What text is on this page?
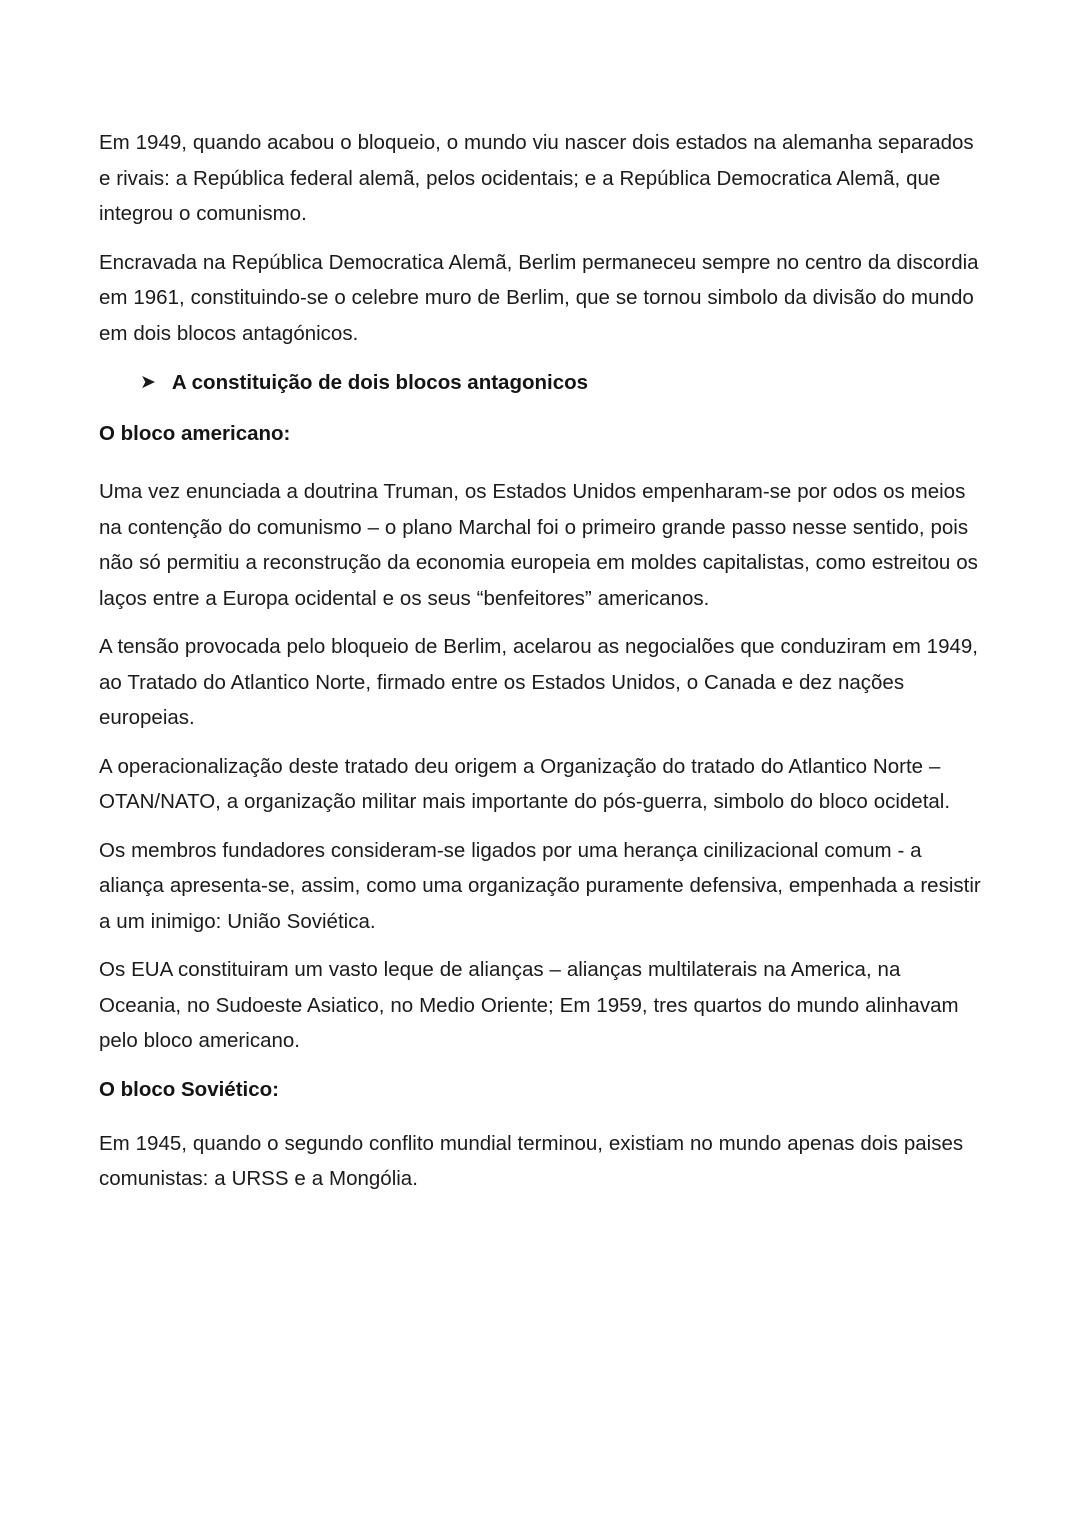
Em 1949, quando acabou o bloqueio, o mundo viu nascer dois estados na alemanha separados e rivais: a República federal alemã, pelos ocidentais; e a República Democratica Alemã, que integrou o comunismo.

Encravada na República Democratica Alemã, Berlim permaneceu sempre no centro da discordia em 1961, constituindo-se o celebre muro de Berlim, que se tornou simbolo da divisão do mundo em dois blocos antagónicos.

➤ A constituição de dois blocos antagonicos

O bloco americano:

Uma vez enunciada a doutrina Truman, os Estados Unidos empenharam-se por odos os meios na contenção do comunismo – o plano Marchal foi o primeiro grande passo nesse sentido, pois não só permitiu a reconstrução da economia europeia em moldes capitalistas, como estreitou os laços entre a Europa ocidental e os seus “benfeitores” americanos.

A tensão provocada pelo bloqueio de Berlim, acelarou as negocialões que conduziram em 1949, ao Tratado do Atlantico Norte, firmado entre os Estados Unidos, o Canada e dez nações europeias.

A operacionalização deste tratado deu origem a Organização do tratado do Atlantico Norte – OTAN/NATO, a organização militar mais importante do pós-guerra, simbolo do bloco ocidetal.

Os membros fundadores consideram-se ligados por uma herança cinilizacional comum - a aliança apresenta-se, assim, como uma organização puramente defensiva, empenhada a resistir a um inimigo: União Soviética.

Os EUA constituiram um vasto leque de alianças – alianças multilaterais na America, na Oceania, no Sudoeste Asiatico, no Medio Oriente; Em 1959, tres quartos do mundo alinhavam pelo bloco americano.

O bloco Soviético:

Em 1945, quando o segundo conflito mundial terminou, existiam no mundo apenas dois paises comunistas: a URSS e a Mongólia.
